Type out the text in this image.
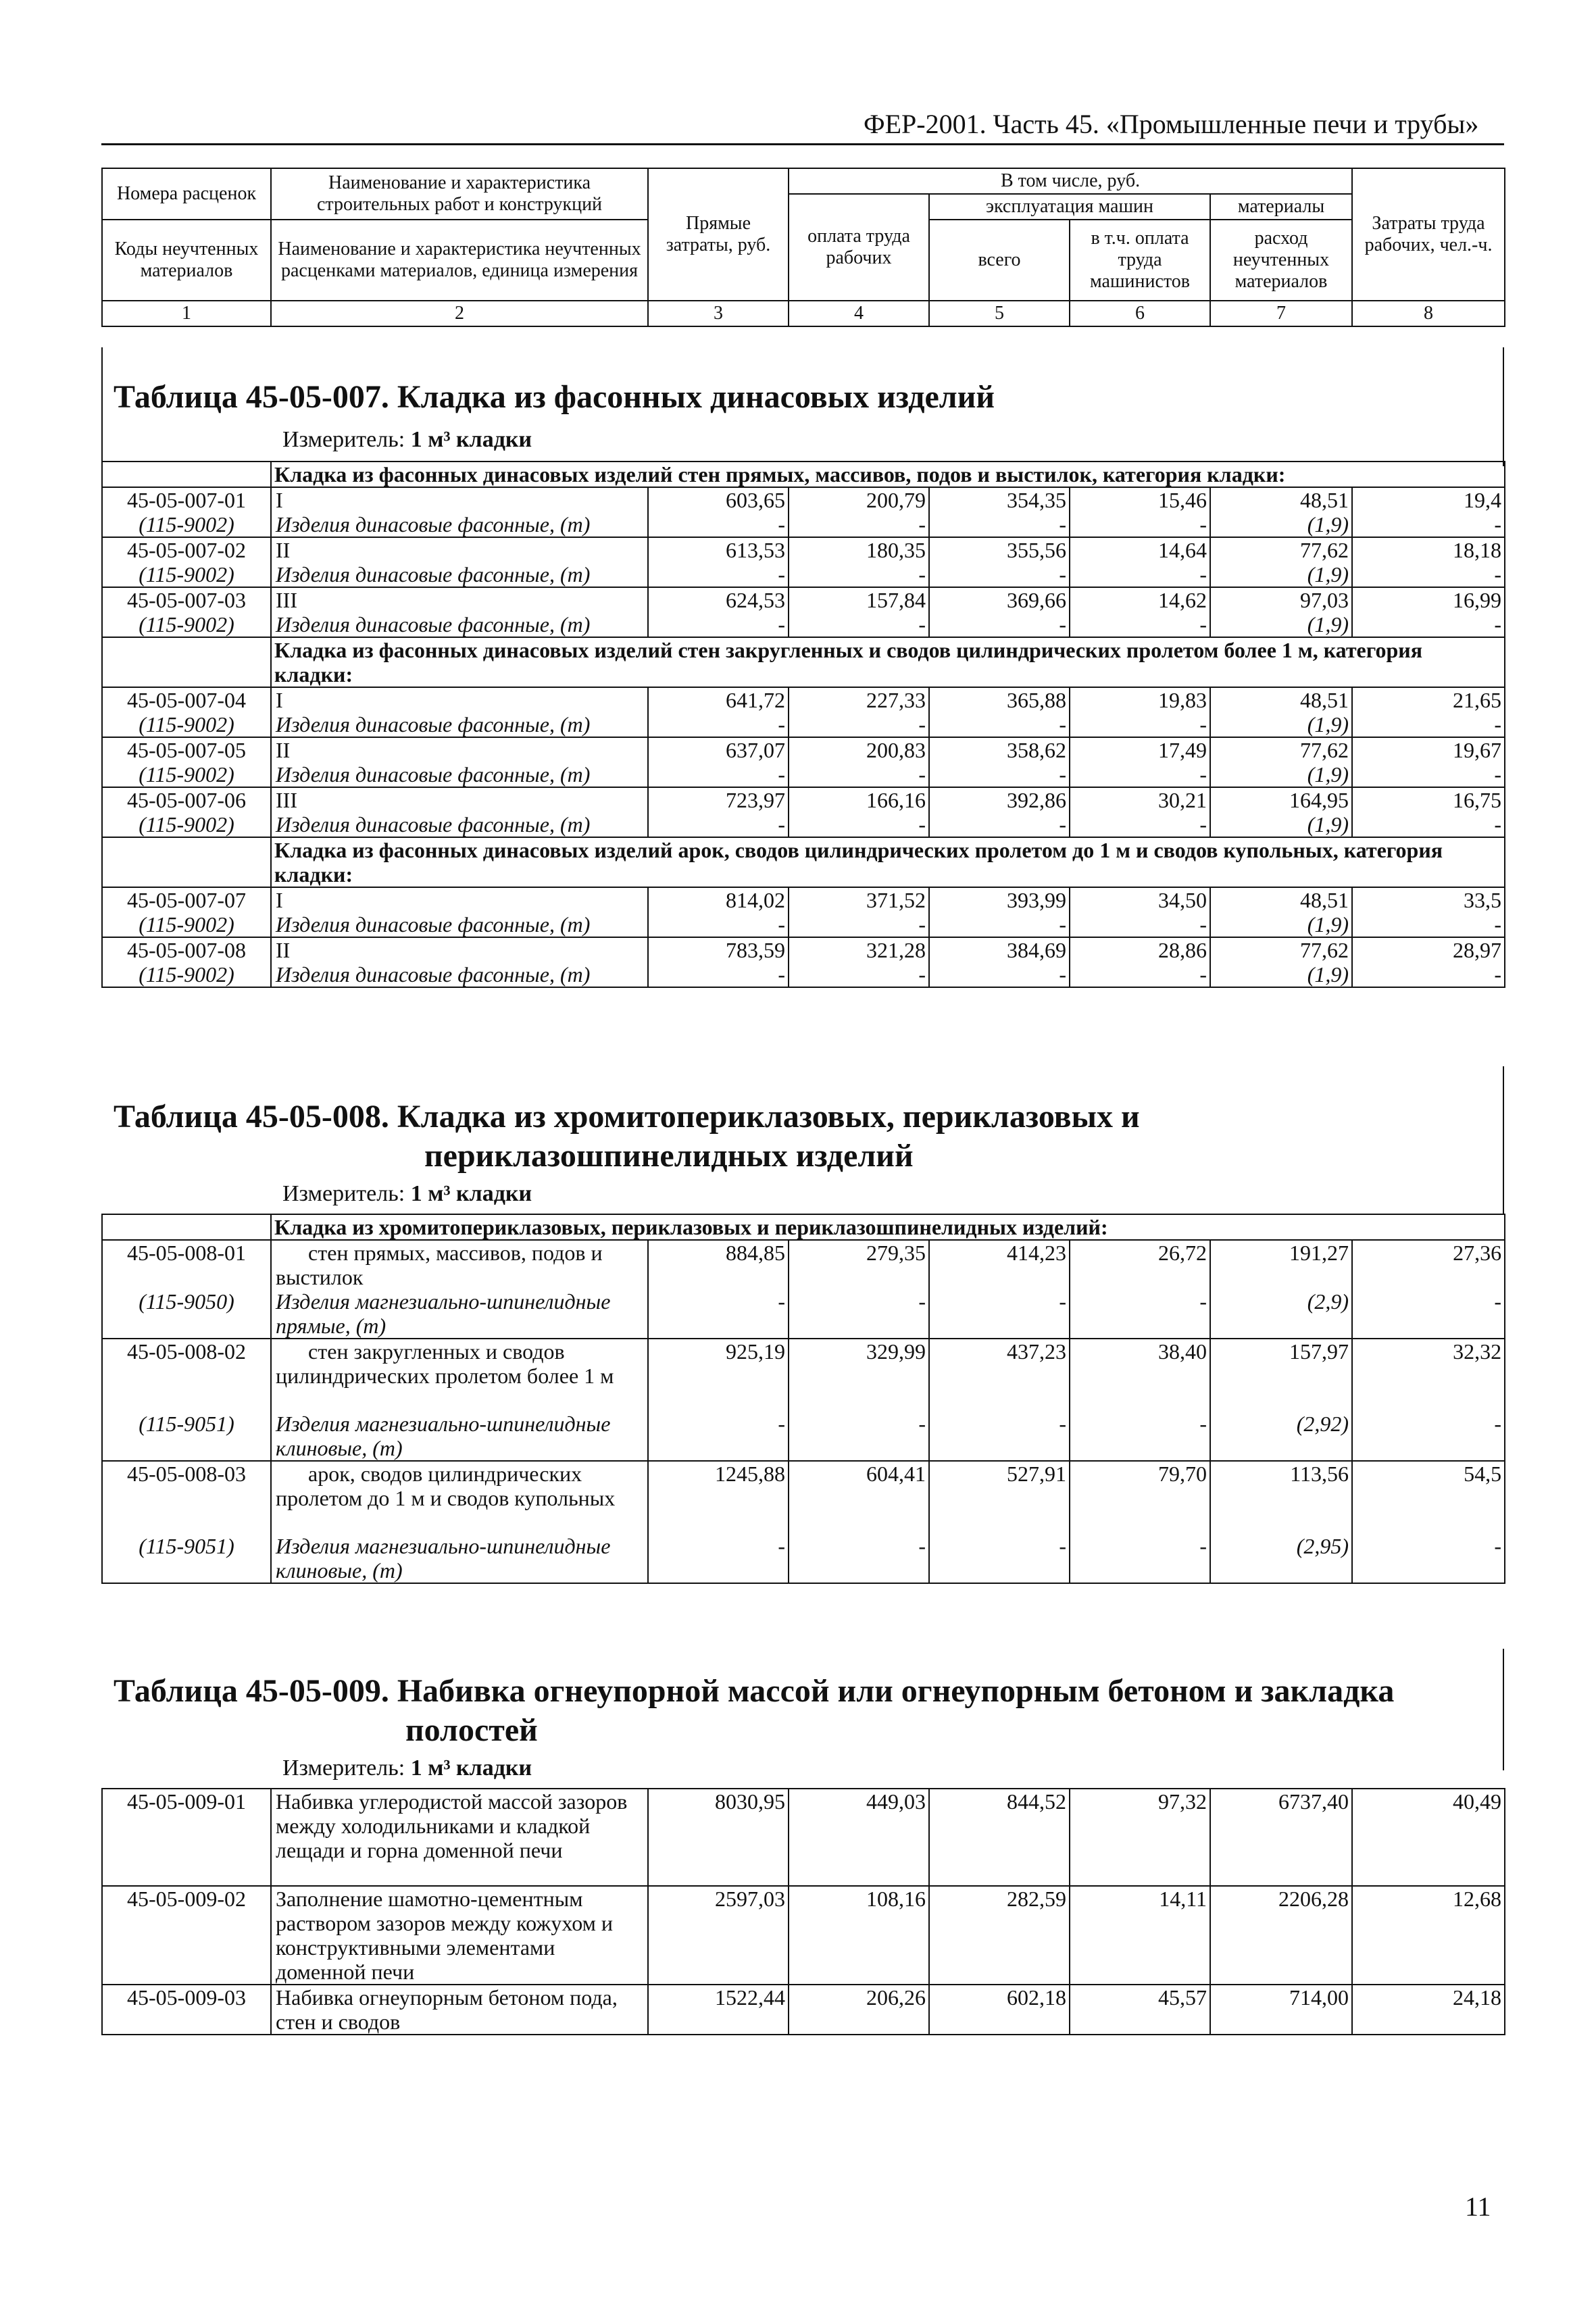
ФЕР-2001. Часть 45. «Промышленные печи и трубы»
Номера расценок	Наименование и характеристика строительных работ и конструкций	Прямые затраты, руб.	В том числе, руб.				Затраты труда рабочих, чел.-ч.
			оплата труда рабочих	эксплуатация машин		материалы	
Коды неучтенных материалов	Наименование и характеристика неучтенных расценками материалов, единица измерения			всего	в т.ч. оплата труда машинистов	расход неучтенных материалов	

1	2	3	4	5	6	7	8
Таблица 45-05-007. Кладка из фасонных динасовых изделий
Измеритель: 1 м³ кладки
	Кладка из фасонных динасовых изделий стен прямых, массивов, подов и выстилок, категория кладки:						
45-05-007-01	I	603,65	200,79	354,35	15,46	48,51	19,4
(115-9002)	Изделия динасовые фасонные, (т)	-	-	-	-	(1,9)	-
45-05-007-02	II	613,53	180,35	355,56	14,64	77,62	18,18
(115-9002)	Изделия динасовые фасонные, (т)	-	-	-	-	(1,9)	-
45-05-007-03	III	624,53	157,84	369,66	14,62	97,03	16,99
(115-9002)	Изделия динасовые фасонные, (т)	-	-	-	-	(1,9)	-
	Кладка из фасонных динасовых изделий стен закругленных и сводов цилиндрических пролетом более 1 м, категория кладки:						
45-05-007-04	I	641,72	227,33	365,88	19,83	48,51	21,65
(115-9002)	Изделия динасовые фасонные, (т)	-	-	-	-	(1,9)	-
45-05-007-05	II	637,07	200,83	358,62	17,49	77,62	19,67
(115-9002)	Изделия динасовые фасонные, (т)	-	-	-	-	(1,9)	-
45-05-007-06	III	723,97	166,16	392,86	30,21	164,95	16,75
(115-9002)	Изделия динасовые фасонные, (т)	-	-	-	-	(1,9)	-
	Кладка из фасонных динасовых изделий арок, сводов цилиндрических пролетом до 1 м и сводов купольных, категория кладки:						
45-05-007-07	I	814,02	371,52	393,99	34,50	48,51	33,5
(115-9002)	Изделия динасовые фасонные, (т)	-	-	-	-	(1,9)	-
45-05-007-08	II	783,59	321,28	384,69	28,86	77,62	28,97
(115-9002)	Изделия динасовые фасонные, (т)	-	-	-	-	(1,9)	-
Таблица 45-05-008. Кладка из хромитопериклазовых, периклазовых и
периклазошпинелидных изделий
Измеритель: 1 м³ кладки
	Кладка из хромитопериклазовых, периклазовых и периклазошпинелидных изделий:						
45-05-008-01	стен прямых, массивов, подов и выстилок	884,85	279,35	414,23	26,72	191,27	27,36
(115-9050)	Изделия магнезиально-шпинелидные прямые, (т)	-	-	-	-	(2,9)	-
45-05-008-02	стен закругленных и сводов цилиндрических пролетом более 1 м	925,19	329,99	437,23	38,40	157,97	32,32
(115-9051)	Изделия магнезиально-шпинелидные клиновые, (т)	-	-	-	-	(2,92)	-
45-05-008-03	арок, сводов цилиндрических пролетом до 1 м и сводов купольных	1245,88	604,41	527,91	79,70	113,56	54,5
(115-9051)	Изделия магнезиально-шпинелидные клиновые, (т)	-	-	-	-	(2,95)	-
Таблица 45-05-009. Набивка огнеупорной массой или огнеупорным бетоном и закладка
полостей
Измеритель: 1 м³ кладки
45-05-009-01	Набивка углеродистой массой зазоров между холодильниками и кладкой лещади и горна доменной печи	8030,95	449,03	844,52	97,32	6737,40	40,49
45-05-009-02	Заполнение шамотно-цементным раствором зазоров между кожухом и конструктивными элементами доменной печи	2597,03	108,16	282,59	14,11	2206,28	12,68
45-05-009-03	Набивка огнеупорным бетоном пода, стен и сводов	1522,44	206,26	602,18	45,57	714,00	24,18
11
